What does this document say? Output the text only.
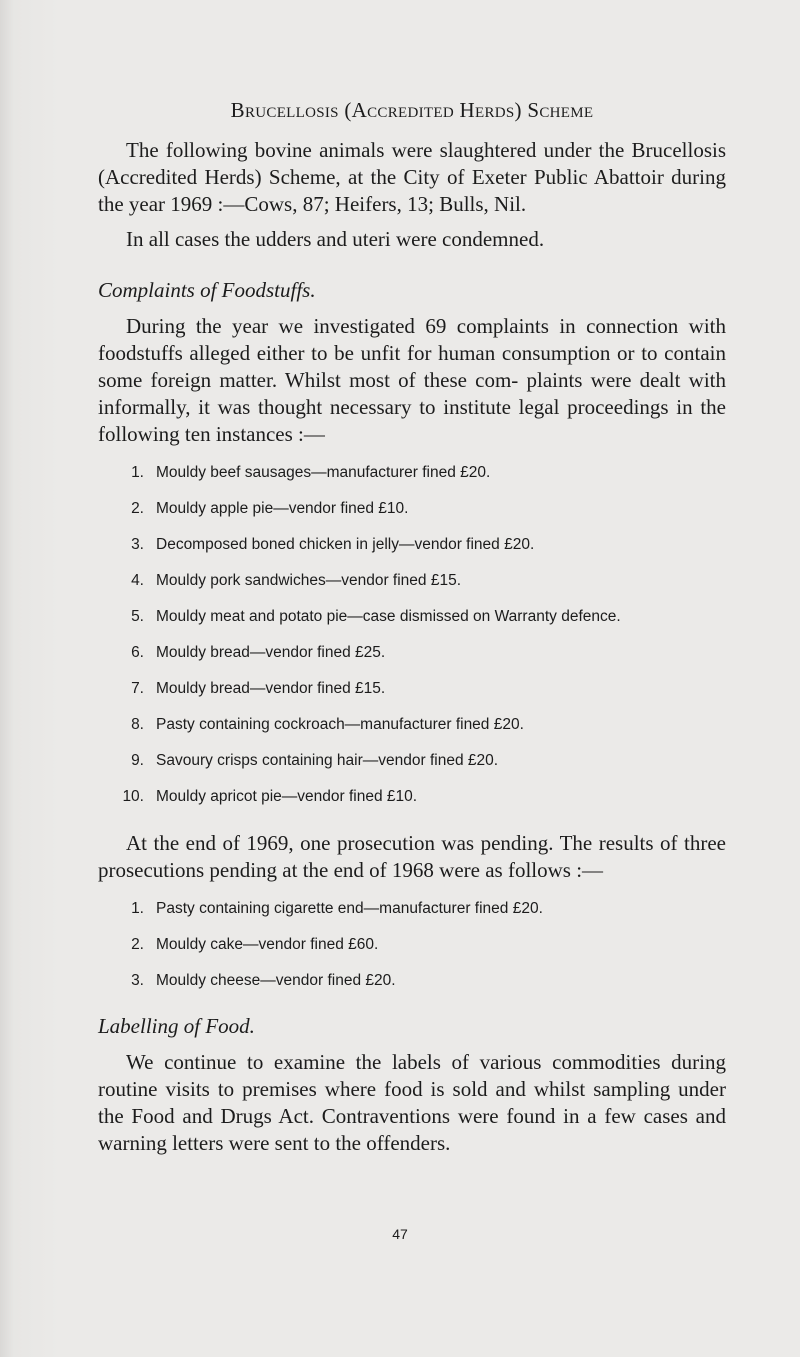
Brucellosis (Accredited Herds) Scheme

The following bovine animals were slaughtered under the Brucellosis (Accredited Herds) Scheme, at the City of Exeter Public Abattoir during the year 1969 :—Cows, 87; Heifers, 13; Bulls, Nil.

In all cases the udders and uteri were condemned.

Complaints of Foodstuffs.

During the year we investigated 69 complaints in connection with foodstuffs alleged either to be unfit for human consumption or to contain some foreign matter. Whilst most of these com- plaints were dealt with informally, it was thought necessary to institute legal proceedings in the following ten instances :—

1. Mouldy beef sausages—manufacturer fined £20.
2. Mouldy apple pie—vendor fined £10.
3. Decomposed boned chicken in jelly—vendor fined £20.
4. Mouldy pork sandwiches—vendor fined £15.
5. Mouldy meat and potato pie—case dismissed on Warranty defence.
6. Mouldy bread—vendor fined £25.
7. Mouldy bread—vendor fined £15.
8. Pasty containing cockroach—manufacturer fined £20.
9. Savoury crisps containing hair—vendor fined £20.
10. Mouldy apricot pie—vendor fined £10.

At the end of 1969, one prosecution was pending. The results of three prosecutions pending at the end of 1968 were as follows :—

1. Pasty containing cigarette end—manufacturer fined £20.
2. Mouldy cake—vendor fined £60.
3. Mouldy cheese—vendor fined £20.
Labelling of Food.

We continue to examine the labels of various commodities during routine visits to premises where food is sold and whilst sampling under the Food and Drugs Act. Contraventions were found in a few cases and warning letters were sent to the offenders.

47
